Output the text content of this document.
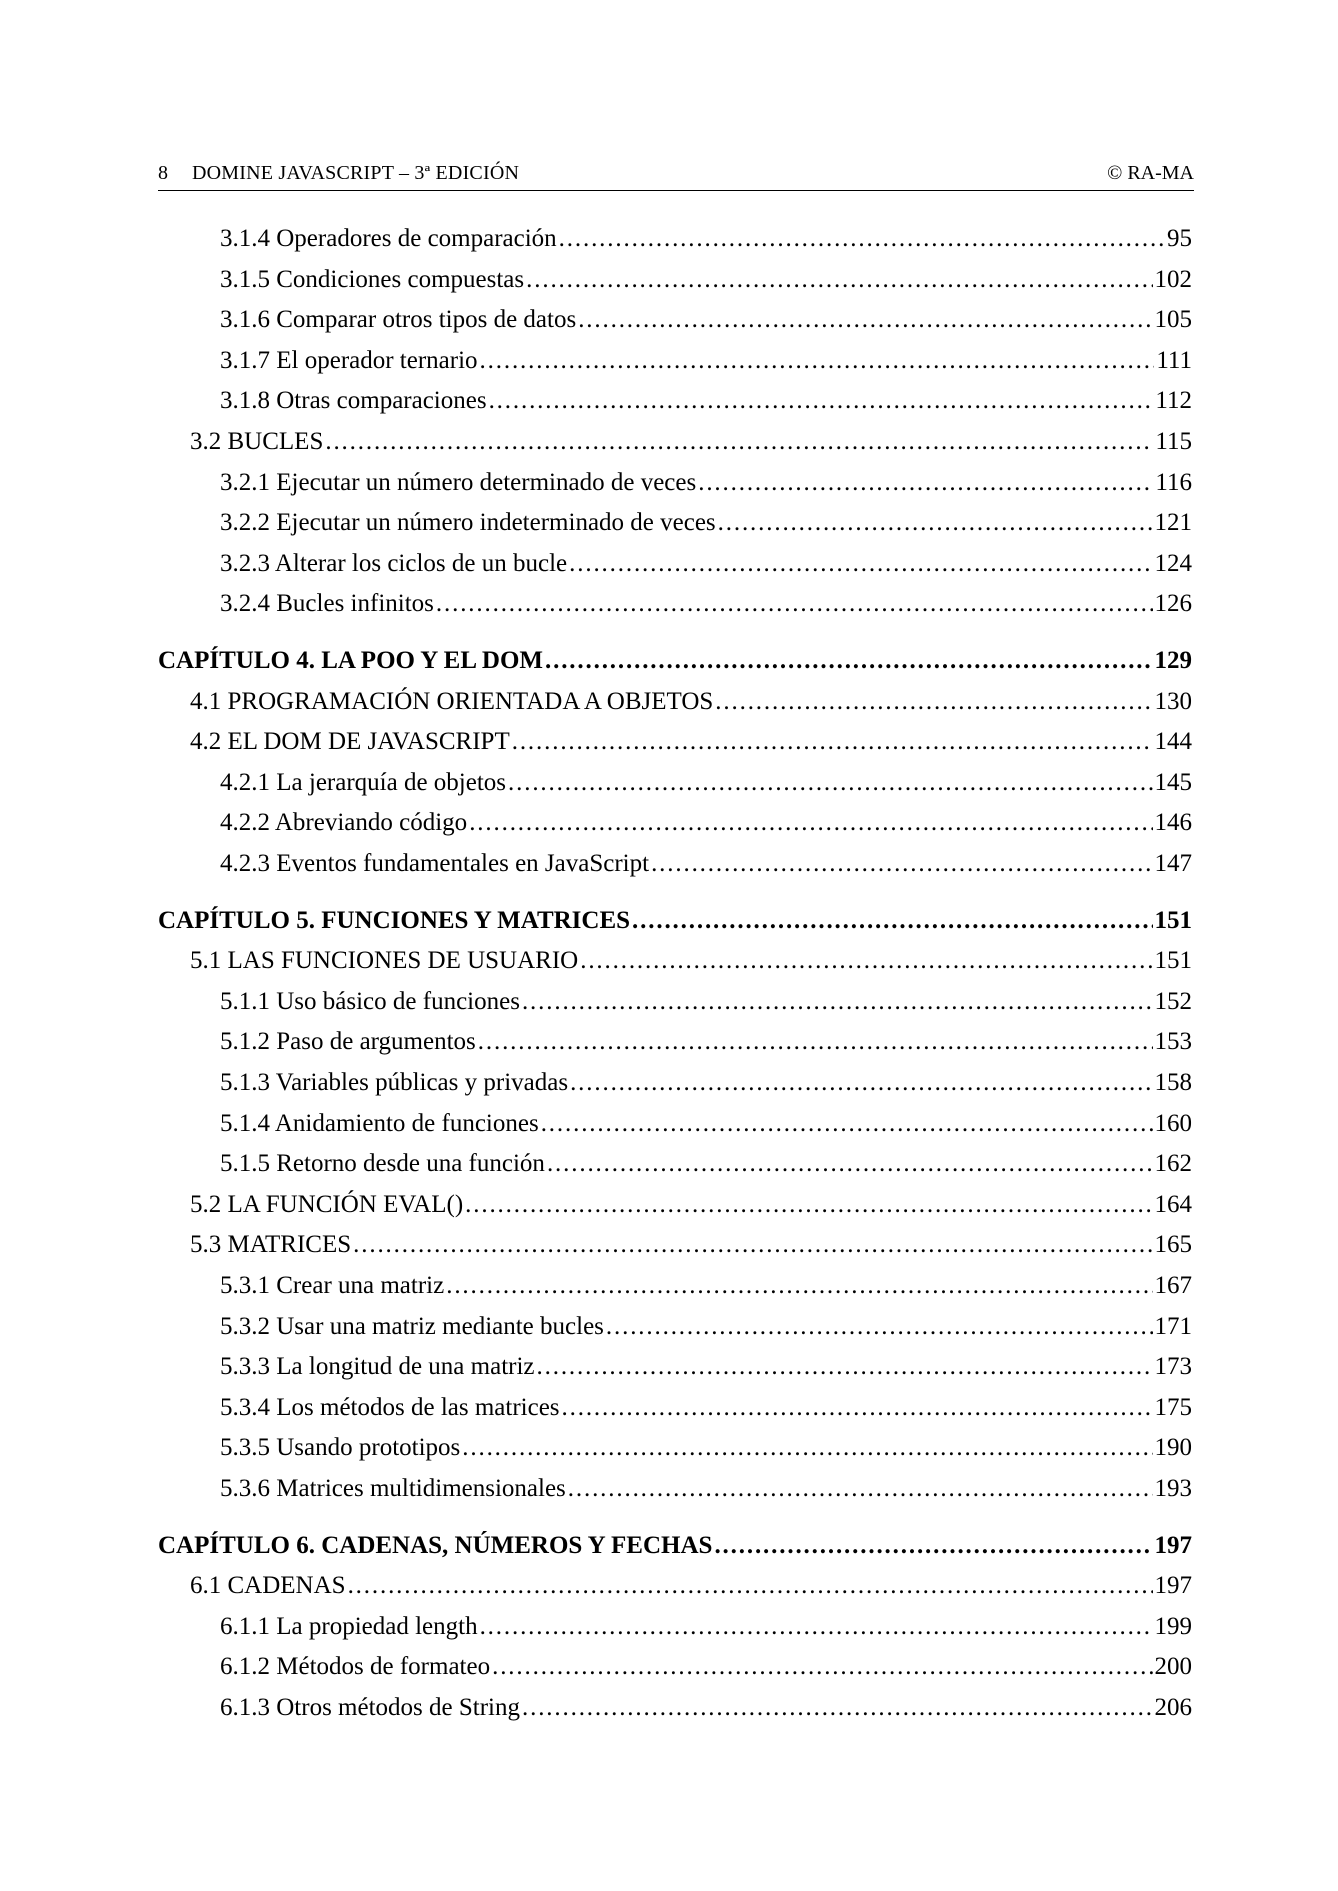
8 DOMINE JAVASCRIPT – 3ª EDICIÓN	© RA-MA
3.1.4 Operadores de comparación . . .	95
3.1.5 Condiciones compuestas . . .	102
3.1.6 Comparar otros tipos de datos . . .	105
3.1.7 El operador ternario . . .	111
3.1.8 Otras comparaciones . . .	112
3.2 BUCLES . . .	115
3.2.1 Ejecutar un número determinado de veces . . .	116
3.2.2 Ejecutar un número indeterminado de veces . . .	121
3.2.3 Alterar los ciclos de un bucle . . .	124
3.2.4 Bucles infinitos . . .	126
CAPÍTULO 4. LA POO Y EL DOM . . .	129
4.1 PROGRAMACIÓN ORIENTADA A OBJETOS . . .	130
4.2 EL DOM DE JAVASCRIPT . . .	144
4.2.1 La jerarquía de objetos . . .	145
4.2.2 Abreviando código . . .	146
4.2.3 Eventos fundamentales en JavaScript . . .	147
CAPÍTULO 5. FUNCIONES Y MATRICES . . .	151
5.1 LAS FUNCIONES DE USUARIO . . .	151
5.1.1 Uso básico de funciones . . .	152
5.1.2 Paso de argumentos . . .	153
5.1.3 Variables públicas y privadas . . .	158
5.1.4 Anidamiento de funciones . . .	160
5.1.5 Retorno desde una función . . .	162
5.2 LA FUNCIÓN EVAL() . . .	164
5.3 MATRICES . . .	165
5.3.1 Crear una matriz . . .	167
5.3.2 Usar una matriz mediante bucles . . .	171
5.3.3 La longitud de una matriz . . .	173
5.3.4 Los métodos de las matrices . . .	175
5.3.5 Usando prototipos . . .	190
5.3.6 Matrices multidimensionales . . .	193
CAPÍTULO 6. CADENAS, NÚMEROS Y FECHAS . . .	197
6.1 CADENAS . . .	197
6.1.1 La propiedad length . . .	199
6.1.2 Métodos de formateo . . .	200
6.1.3 Otros métodos de String . . .	206
